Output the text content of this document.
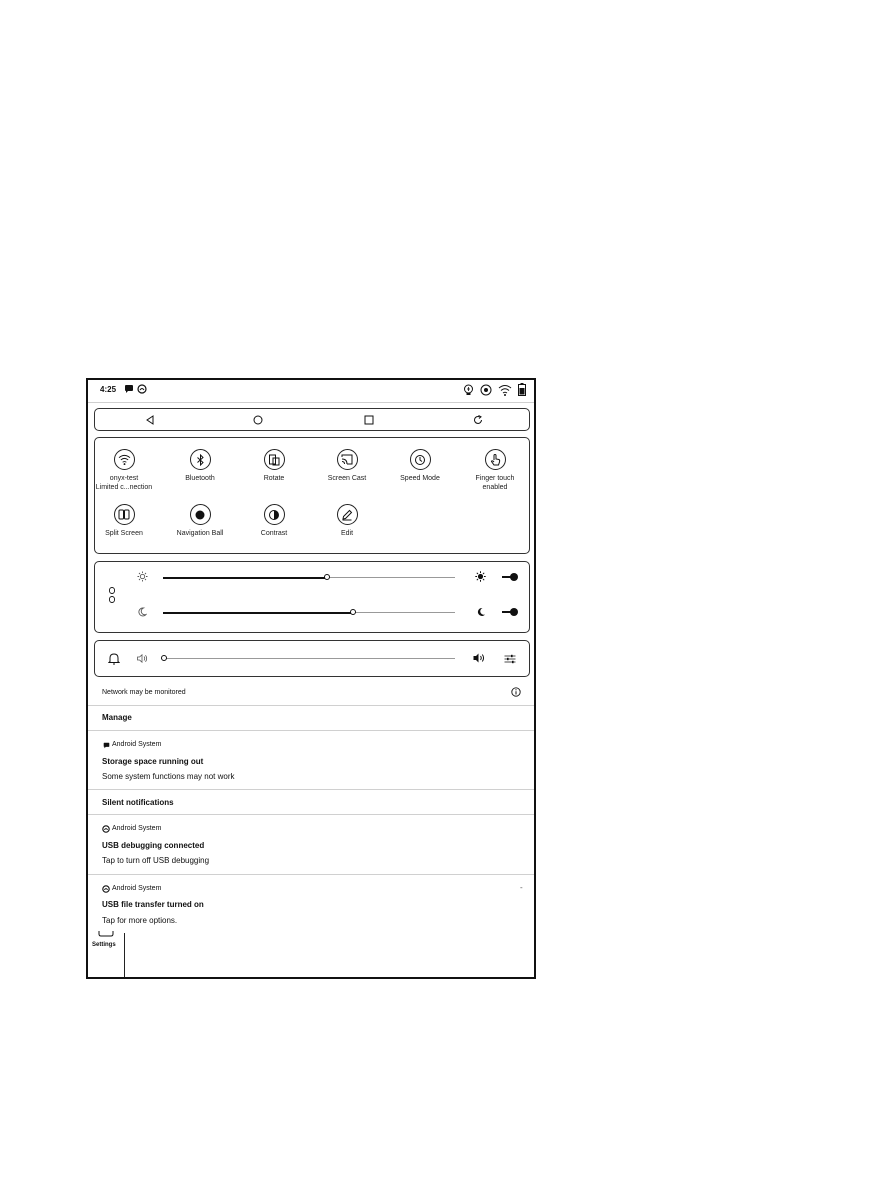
4:25
onyx-test
Limited c...nection
Bluetooth	Rotate	Screen Cast	Speed Mode	Finger touch
enabled
Split Screen	Navigation Ball	Contrast	Edit
Network may be monitored
Manage
Android System
Storage space running out
Some system functions may not work
Silent notifications
Android System
USB debugging connected
Tap to turn off USB debugging
Android System	-
USB file transfer turned on
Tap for more options.
Settings
